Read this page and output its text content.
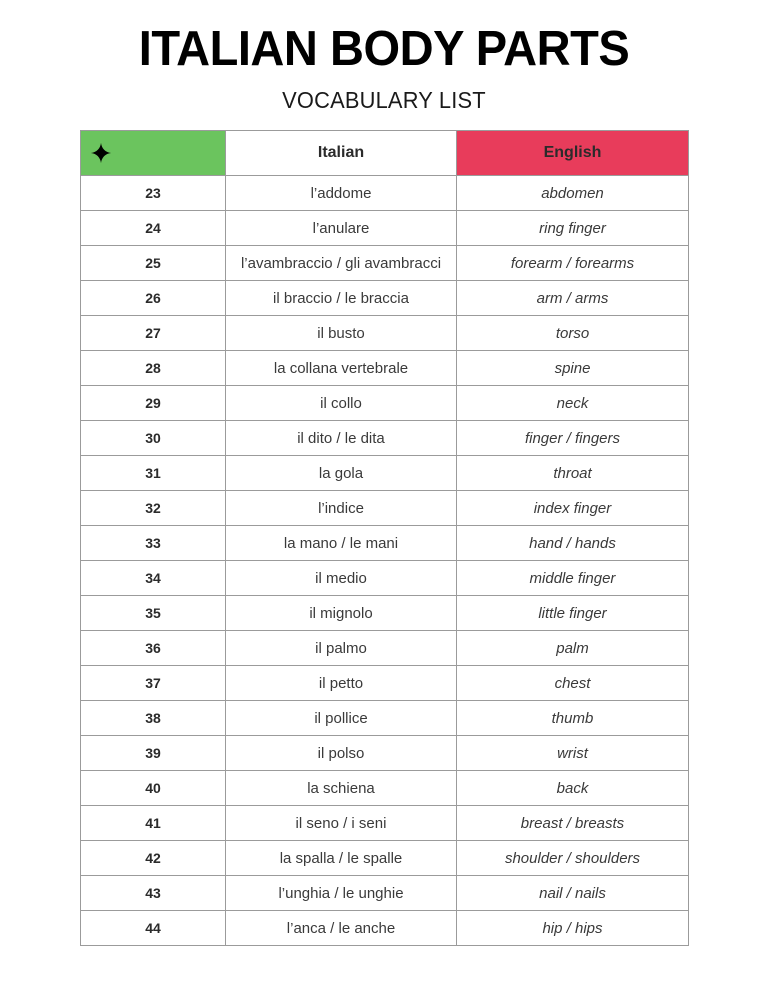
ITALIAN BODY PARTS
VOCABULARY LIST
	Italian	English
23	l’addome	abdomen
24	l’anulare	ring finger
25	l’avambraccio / gli avambracci	forearm / forearms
26	il braccio / le braccia	arm / arms
27	il busto	torso
28	la collana vertebrale	spine
29	il collo	neck
30	il dito / le dita	finger / fingers
31	la gola	throat
32	l’indice	index finger
33	la mano / le mani	hand / hands
34	il medio	middle finger
35	il mignolo	little finger
36	il palmo	palm
37	il petto	chest
38	il pollice	thumb
39	il polso	wrist
40	la schiena	back
41	il seno / i seni	breast / breasts
42	la spalla / le spalle	shoulder / shoulders
43	l’unghia / le unghie	nail / nails
44	l’anca / le anche	hip / hips
